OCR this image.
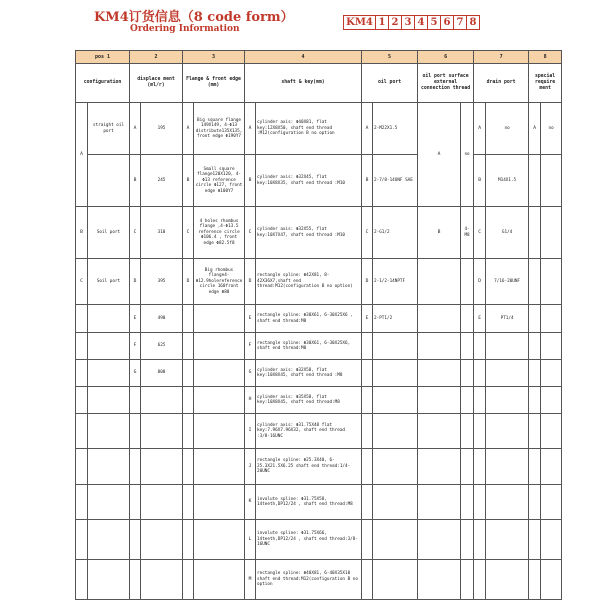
KM4订货信息（8 code form）
Ordering Information
KM4 1 2 3 4 5 6 7 8
pos 1		2		3		4		5		6		7		8	
configuration		displace ment (ml/r)		Flange & front edge (mm)		shaft & key(mm)		oil port		oil port surface external connection thread		drain port		special require ment	
A	straight oil port	A	195	A	Big square flange 149X149, 4-Φ13 distribute135X135, front edge Φ190Y7	A	cylinder axis: Φ40X81, flat key:12X8X50, shaft end thread :M12(configuration B no option	A	2-M22X1.5	A	no	A	no	A	no
		B	245	B	Small square flange120X120, 4-Φ13 reference circle Φ127, front edge Φ100Y7	B	cylinder axis: Φ32X45, flat key:10X8X35, shaft end thread :M10	B	2-7/8-14UNF SAE			B	M14X1.5		
B	Soil port	C	310	C	4 holes rhombus flange ,4-Φ13.5 reference circle Φ106.4 , front edge Φ82.5f8	C	cylinder axis: Φ32X55, flat key:10X7X47, shaft end thread :M10	C	2-G1/2	B	4-M8	C	G1/4		
C	Soil port	D	395	D	Big rhombus flange4-Φ12.9holereference circle 160front edge Φ80	D	rectangle spline: Φ42X81, 8-42X36X7,shaft end thread:M12(configuration B no option)	D	2-1/2-14NPTF			D	7/16-20UNF		
		E	490			E	rectangle spline: Φ30X61, 6-30X25X6 , shaft end thread:M8	E	2-PT1/2			E	PT1/4		
		F	625			F	rectangle spline: Φ30X61, 6-30X25X6, shaft end thread:M8								
		G	800			G	cylinder axis: Φ32X58, flat key:10X8X45, shaft end thread :M8								
						H	cylinder axis: Φ35X58, flat key:10X8X45, shaft end thread:M8								
						I	cylinder axis: Φ31.75X48 flat key:7.96X7.96X32, shaft end thread :3/8-16UNC								
						J	rectangle spline: Φ25.3X40, 6-25.3X21.5X6.25 shaft end thread:1/4-20UNC								
						K	involute spline: Φ31.75X58, 14teeth,DP12/24 , shaft end thread:M8								
						L	involute spline: Φ31.75X66, 14teeth,DP12/24 , shaft end thread:3/8-16UNC								
						M	rectangle spline: Φ40X81, 6-40X35X10 shaft end thread:M12(configuration B no option								
